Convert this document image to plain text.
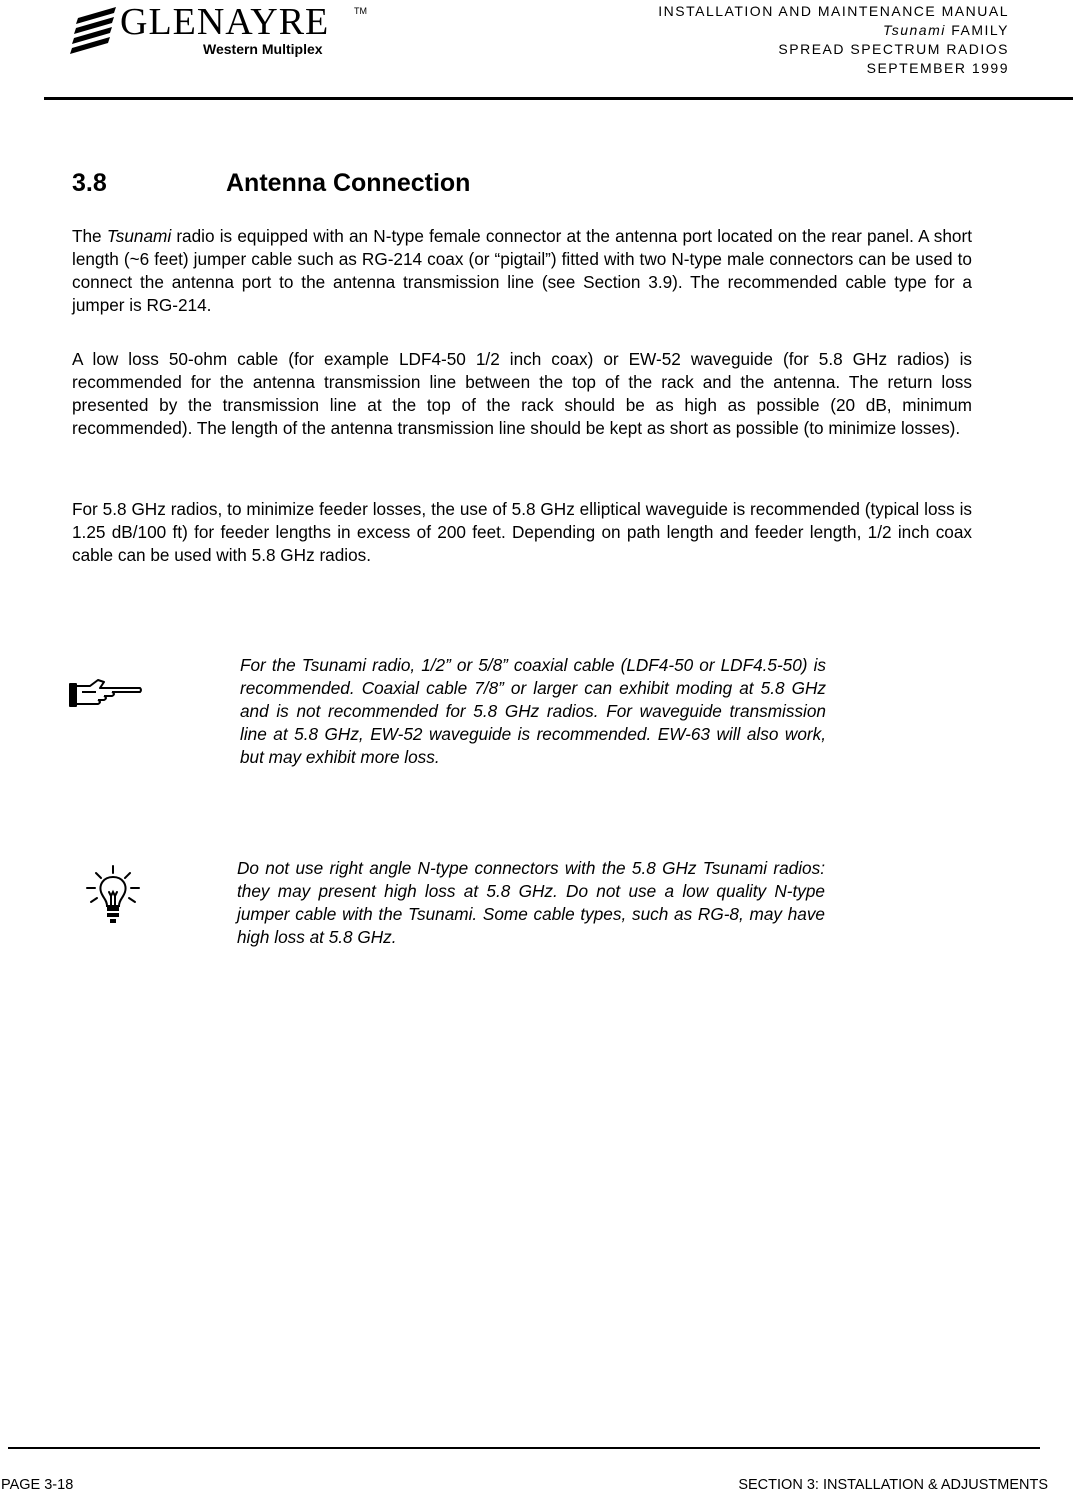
GLENAYRE	TM
Western Multiplex
INSTALLATION AND MAINTENANCE MANUAL
Tsunami FAMILY
SPREAD SPECTRUM RADIOS
SEPTEMBER 1999
3.8	Antenna Connection

The Tsunami radio is equipped with an N-type female connector at the antenna port located on the rear panel. A short length (~6 feet) jumper cable such as RG-214 coax (or “pigtail”) fitted with two N-type male connectors can be used to connect the antenna port to the antenna transmission line (see Section 3.9). The recommended cable type for a jumper is RG-214.

A low loss 50-ohm cable (for example LDF4-50 1/2 inch coax) or EW-52 waveguide (for 5.8 GHz radios) is recommended for the antenna transmission line between the top of the rack and the antenna. The return loss presented by the transmission line at the top of the rack should be as high as possible (20 dB, minimum recommended). The length of the antenna transmission line should be kept as short as possible (to minimize losses).

For 5.8 GHz radios, to minimize feeder losses, the use of 5.8 GHz elliptical waveguide is recommended (typical loss is 1.25 dB/100 ft) for feeder lengths in excess of 200 feet. Depending on path length and feeder length, 1/2 inch coax cable can be used with 5.8 GHz radios.

For the Tsunami radio, 1/2” or 5/8” coaxial cable (LDF4-50 or LDF4.5-50) is recommended. Coaxial cable 7/8” or larger can exhibit moding at 5.8 GHz and is not recommended for 5.8 GHz radios. For waveguide transmission line at 5.8 GHz, EW-52 waveguide is recommended. EW-63 will also work, but may exhibit more loss.

Do not use right angle N-type connectors with the 5.8 GHz Tsunami radios: they may present high loss at 5.8 GHz. Do not use a low quality N-type jumper cable with the Tsunami. Some cable types, such as RG-8, may have high loss at 5.8 GHz.

PAGE 3-18	SECTION 3: INSTALLATION & ADJUSTMENTS
